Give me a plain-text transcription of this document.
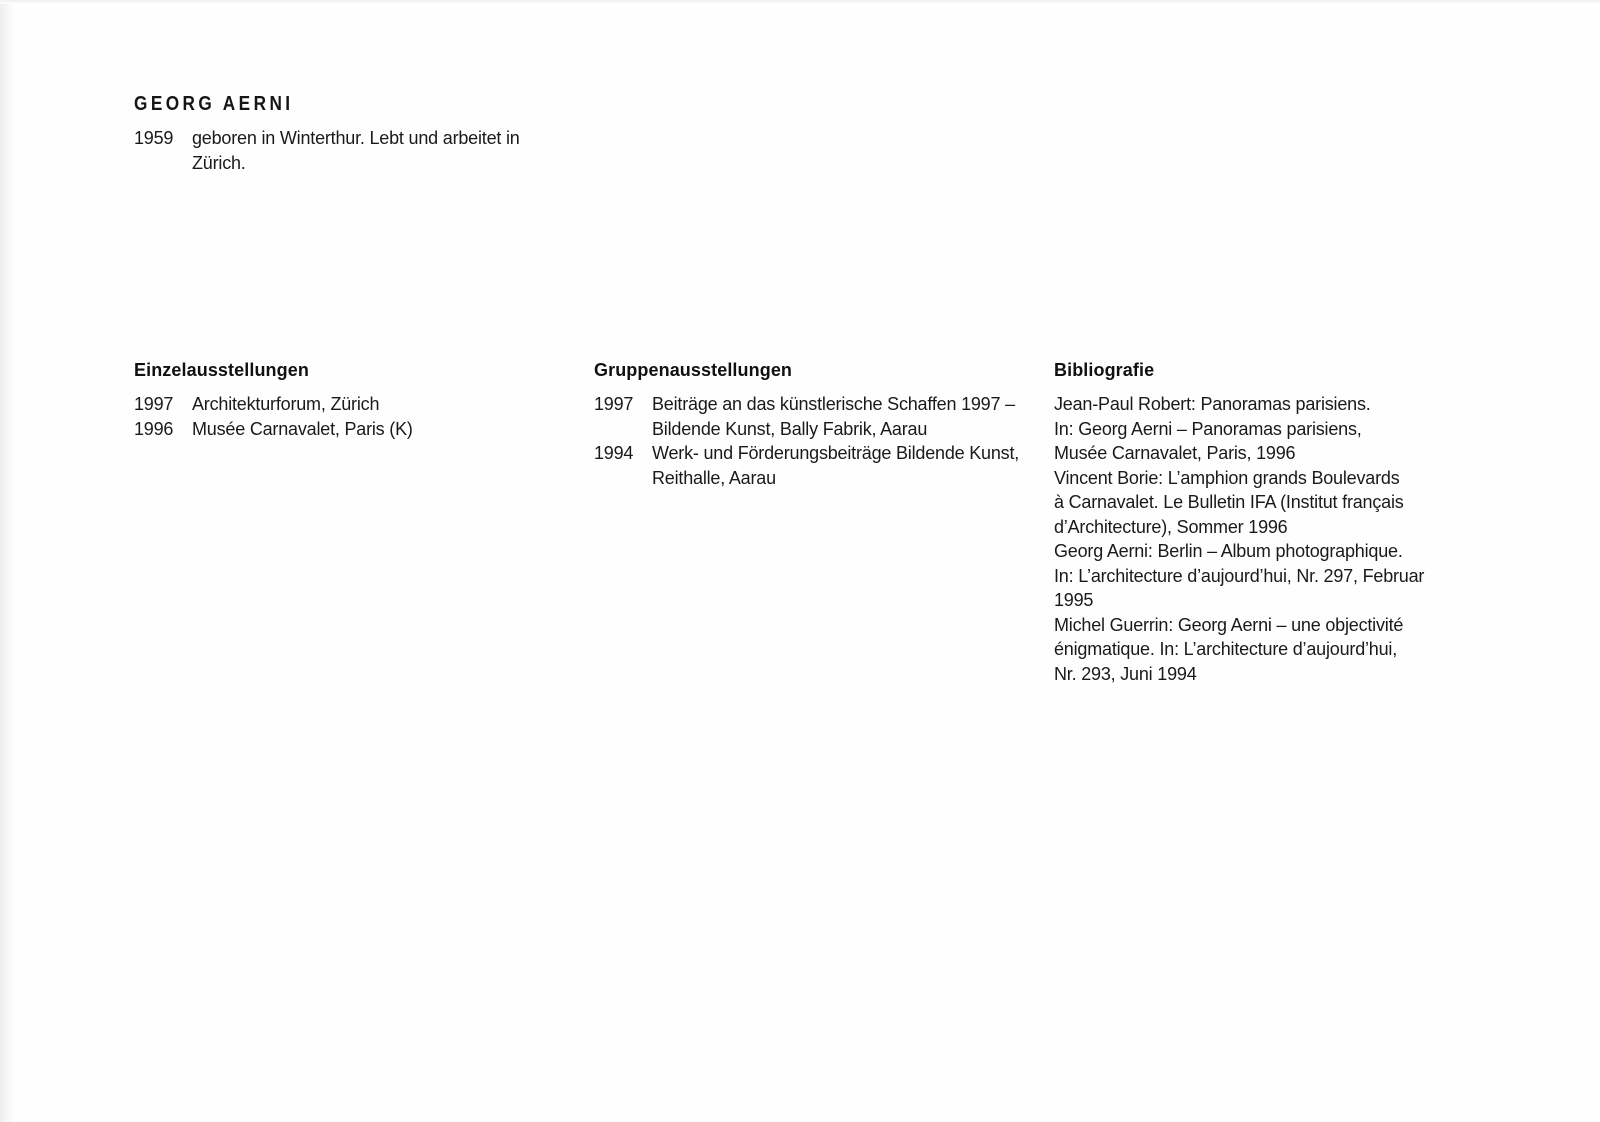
GEORG AERNI
1959	geboren in Winterthur. Lebt und arbeitet in Zürich.
Einzelausstellungen
1997	Architekturforum, Zürich
1996	Musée Carnavalet, Paris (K)
Gruppenausstellungen
1997	Beiträge an das künstlerische Schaffen 1997 – Bildende Kunst, Bally Fabrik, Aarau
1994	Werk- und Förderungsbeiträge Bildende Kunst, Reithalle, Aarau
Bibliografie

Jean-Paul Robert: Panoramas parisiens.
In: Georg Aerni – Panoramas parisiens,
Musée Carnavalet, Paris, 1996

Vincent Borie: L’amphion grands Boulevards
à Carnavalet. Le Bulletin IFA (Institut français
d’Architecture), Sommer 1996

Georg Aerni: Berlin – Album photographique.
In: L’architecture d’aujourd’hui, Nr. 297, Februar
1995

Michel Guerrin: Georg Aerni – une objectivité
énigmatique. In: L’architecture d’aujourd’hui,
Nr. 293, Juni 1994
